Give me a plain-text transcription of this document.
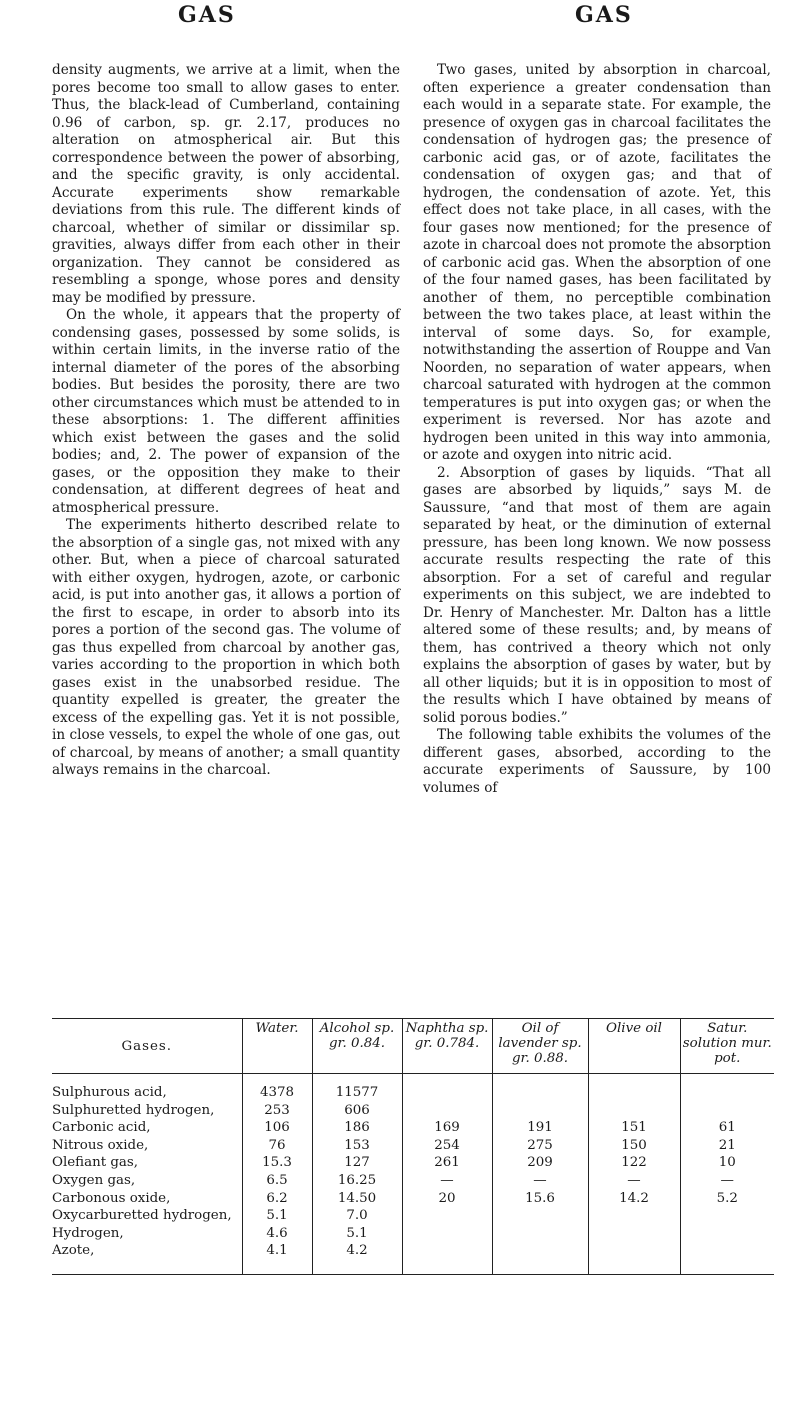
GAS	GAS

density augments, we arrive at a limit, when the pores become too small to allow gases to enter. Thus, the black-lead of Cumberland, containing 0.96 of carbon, sp. gr. 2.17, produces no alteration on atmospherical air. But this correspondence between the power of absorbing, and the specific gravity, is only accidental. Accurate experiments show remarkable deviations from this rule. The different kinds of charcoal, whether of similar or dissimilar sp. gravities, always differ from each other in their organization. They cannot be considered as resembling a sponge, whose pores and density may be modified by pressure.

On the whole, it appears that the property of condensing gases, possessed by some solids, is within certain limits, in the inverse ratio of the internal diameter of the pores of the absorbing bodies. But besides the porosity, there are two other circumstances which must be attended to in these absorptions: 1. The different affinities which exist between the gases and the solid bodies; and, 2. The power of expansion of the gases, or the opposition they make to their condensation, at different degrees of heat and atmospherical pressure.

The experiments hitherto described relate to the absorption of a single gas, not mixed with any other. But, when a piece of charcoal saturated with either oxygen, hydrogen, azote, or carbonic acid, is put into another gas, it allows a portion of the first to escape, in order to absorb into its pores a portion of the second gas. The volume of gas thus expelled from charcoal by another gas, varies according to the proportion in which both gases exist in the unabsorbed residue. The quantity expelled is greater, the greater the excess of the expelling gas. Yet it is not possible, in close vessels, to expel the whole of one gas, out of charcoal, by means of another; a small quantity always remains in the charcoal.

Two gases, united by absorption in charcoal, often experience a greater condensation than each would in a separate state. For example, the presence of oxygen gas in charcoal facilitates the condensation of hydrogen gas; the presence of carbonic acid gas, or of azote, facilitates the condensation of oxygen gas; and that of hydrogen, the condensation of azote. Yet, this effect does not take place, in all cases, with the four gases now mentioned; for the presence of azote in charcoal does not promote the absorption of carbonic acid gas. When the absorption of one of the four named gases, has been facilitated by another of them, no perceptible combination between the two takes place, at least within the interval of some days. So, for example, notwithstanding the assertion of Rouppe and Van Noorden, no separation of water appears, when charcoal saturated with hydrogen at the common temperatures is put into oxygen gas; or when the experiment is reversed. Nor has azote and hydrogen been united in this way into ammonia, or azote and oxygen into nitric acid.

2. Absorption of gases by liquids. “That all gases are absorbed by liquids,” says M. de Saussure, “and that most of them are again separated by heat, or the diminution of external pressure, has been long known. We now possess accurate results respecting the rate of this absorption. For a set of careful and regular experiments on this subject, we are indebted to Dr. Henry of Manchester. Mr. Dalton has a little altered some of these results; and, by means of them, has contrived a theory which not only explains the absorption of gases by water, but by all other liquids; but it is in opposition to most of the results which I have obtained by means of solid porous bodies.”

The following table exhibits the volumes of the different gases, absorbed, according to the accurate experiments of Saussure, by 100 volumes of

Gases.	Water.	Alcohol sp. gr. 0.84.	Naphtha sp. gr. 0.784.	Oil of lavender sp. gr. 0.88.	Olive oil	Satur. solution mur. pot.
Sulphurous acid,	4378	11577				
Sulphuretted hydrogen,	253	606				
Carbonic acid,	106	186	169	191	151	61
Nitrous oxide,	76	153	254	275	150	21
Olefiant gas,	15.3	127	261	209	122	10
Oxygen gas,	6.5	16.25	—	—	—	—
Carbonous oxide,	6.2	14.50	20	15.6	14.2	5.2
Oxycarburetted hydrogen,	5.1	7.0				
Hydrogen,	4.6	5.1				
Azote,	4.1	4.2				
